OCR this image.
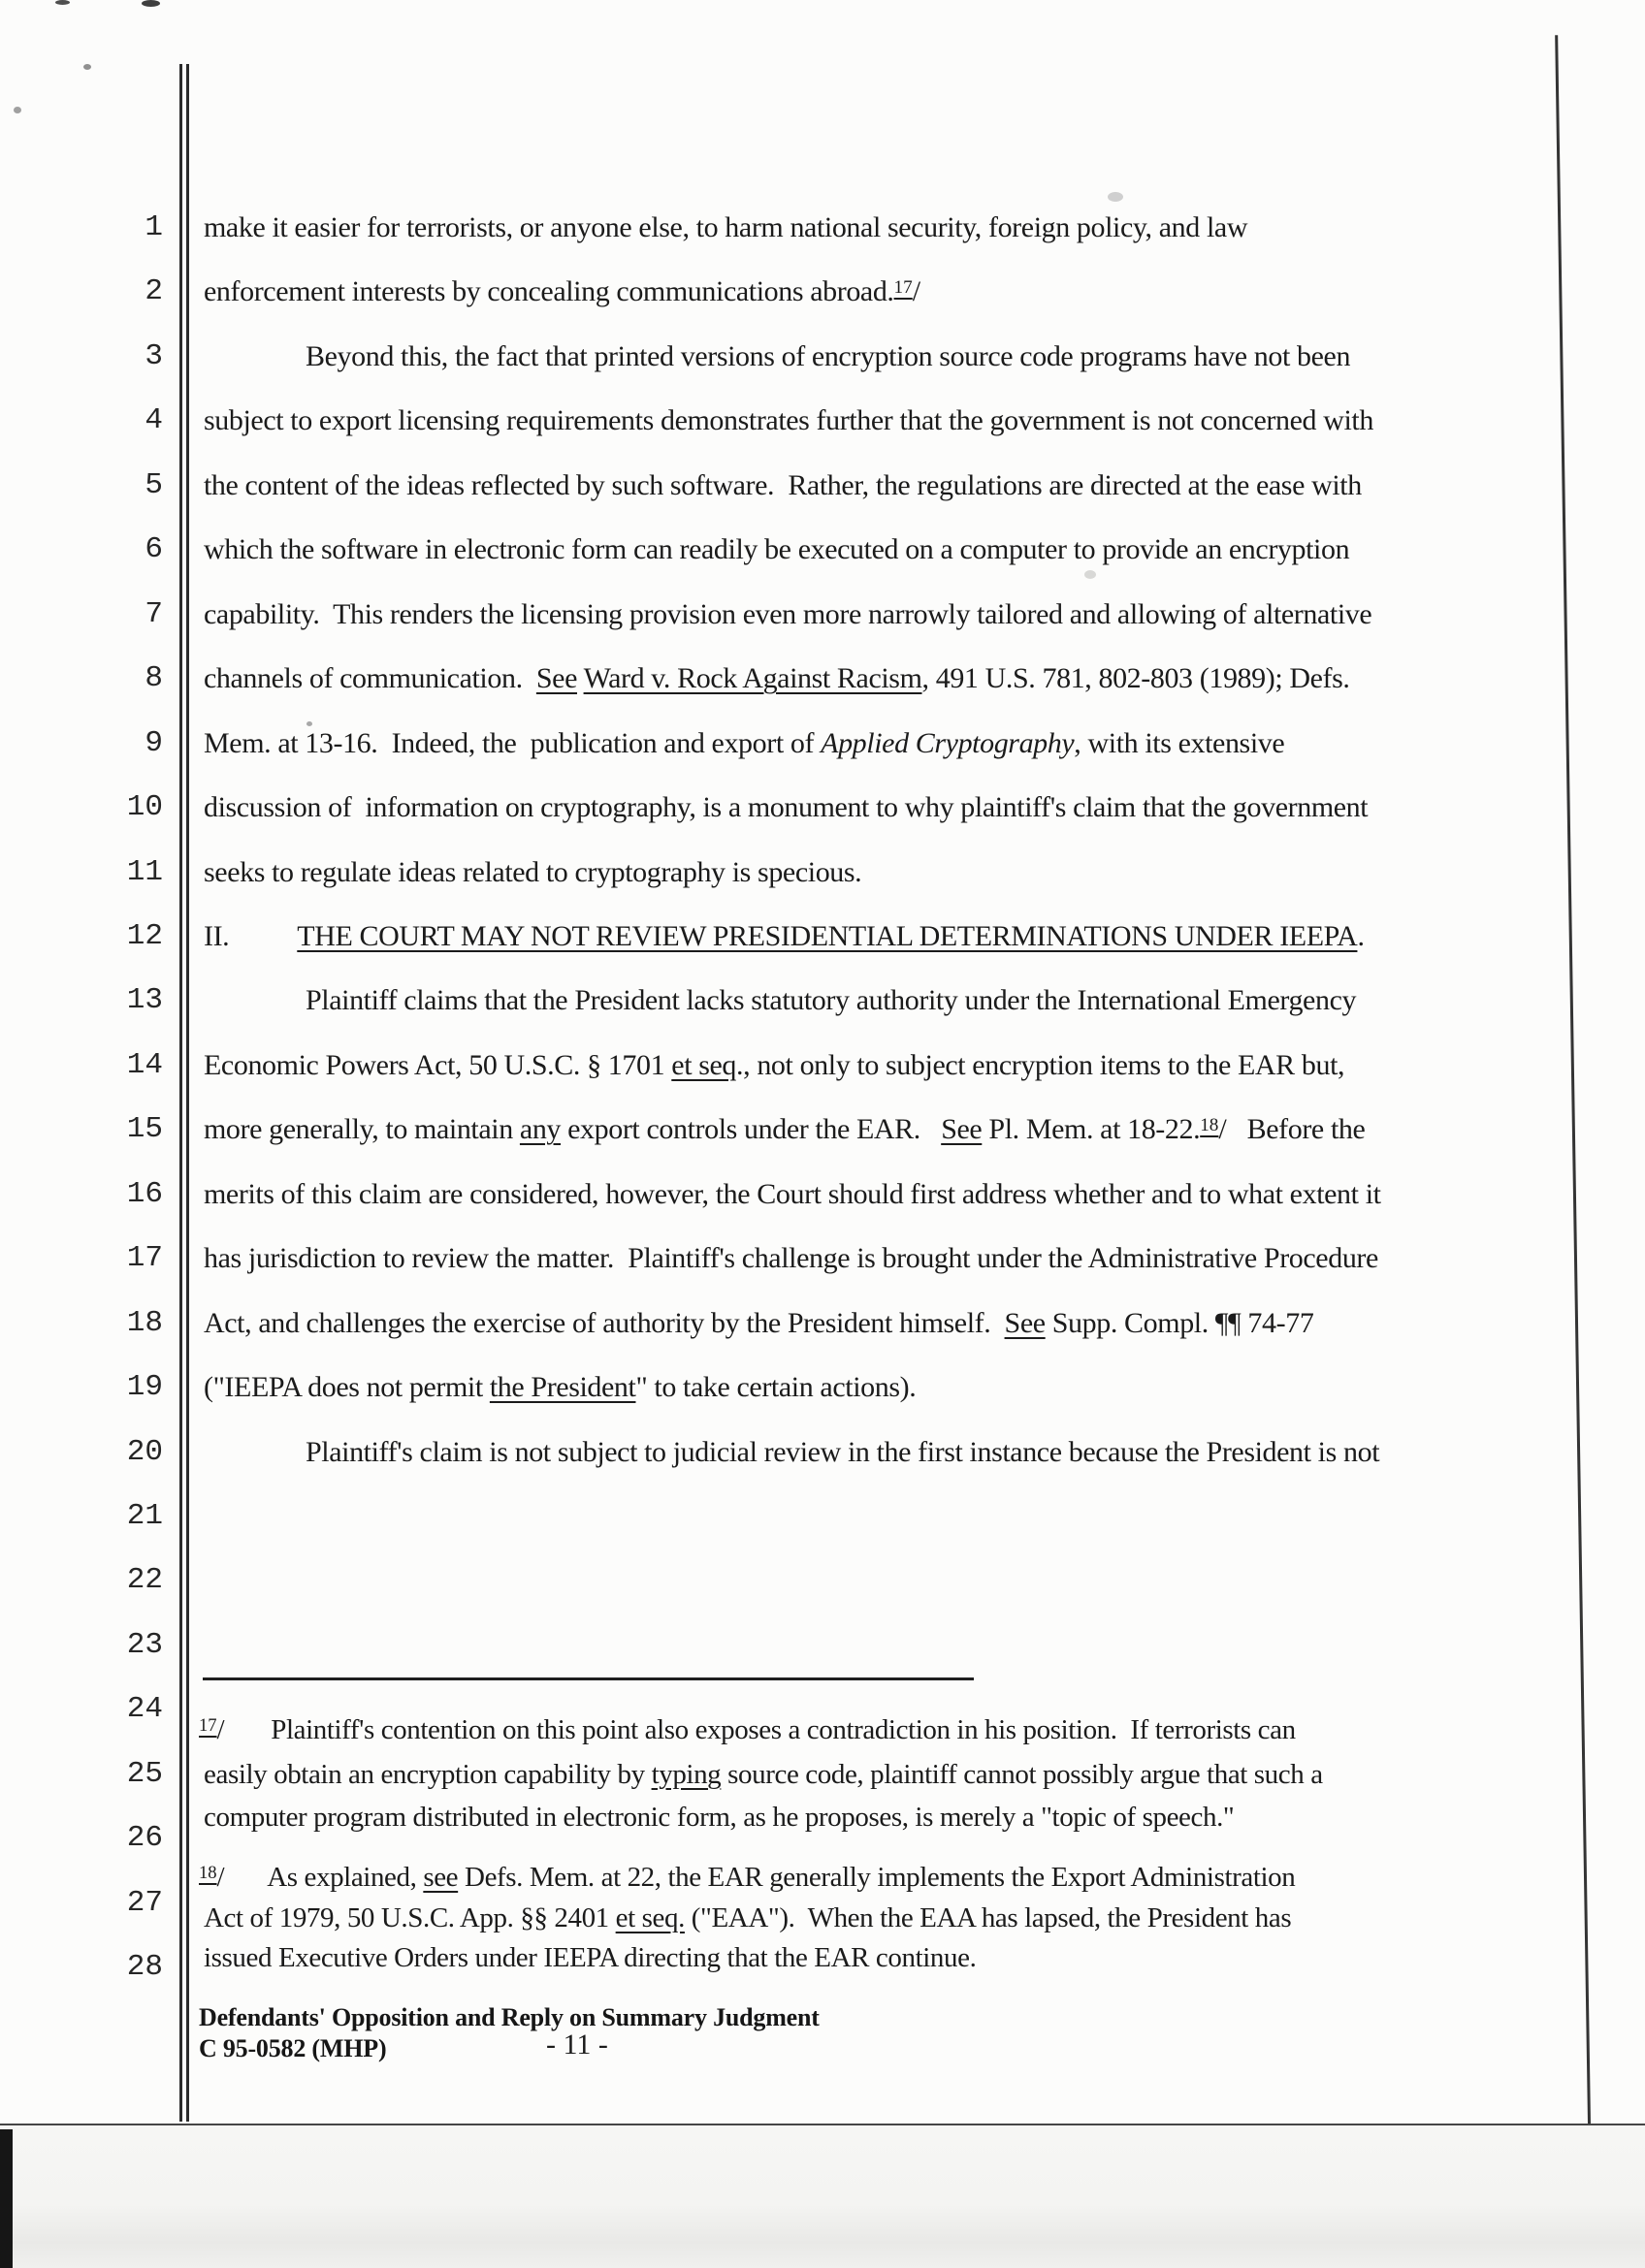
1
2
3
4
5
6
7
8
9
10
11
12
13
14
15
16
17
18
19
20
21
22
23
24
25
26
27
28
make it easier for terrorists, or anyone else, to harm national security, foreign policy, and law
enforcement interests by concealing communications abroad.$^{17}$/
Beyond this, the fact that printed versions of encryption source code programs have not been
subject to export licensing requirements demonstrates further that the government is not concerned with
the content of the ideas reflected by such software.  Rather, the regulations are directed at the ease with
which the software in electronic form can readily be executed on a computer to provide an encryption
capability.  This renders the licensing provision even more narrowly tailored and allowing of alternative
channels of communication.  See Ward v. Rock Against Racism, 491 U.S. 781, 802-803 (1989); Defs.
Mem. at 13-16.  Indeed, the  publication and export of Applied Cryptography, with its extensive
discussion of  information on cryptography, is a monument to why plaintiff's claim that the government
seeks to regulate ideas related to cryptography is specious.
II. THE COURT MAY NOT REVIEW PRESIDENTIAL DETERMINATIONS UNDER IEEPA.
Plaintiff claims that the President lacks statutory authority under the International Emergency
Economic Powers Act, 50 U.S.C. § 1701 et seq., not only to subject encryption items to the EAR but,
more generally, to maintain any export controls under the EAR.   See Pl. Mem. at 18-22.18/   Before the
merits of this claim are considered, however, the Court should first address whether and to what extent it
has jurisdiction to review the matter.  Plaintiff's challenge is brought under the Administrative Procedure
Act, and challenges the exercise of authority by the President himself.  See Supp. Compl. ¶¶ 74-77
("IEEPA does not permit the President" to take certain actions).
Plaintiff's claim is not subject to judicial review in the first instance because the President is not
$^{17}$/ Plaintiff's contention on this point also exposes a contradiction in his position.  If terrorists can
easily obtain an encryption capability by typing source code, plaintiff cannot possibly argue that such a
computer program distributed in electronic form, as he proposes, is merely a "topic of speech."
$^{18}$/ As explained, see Defs. Mem. at 22, the EAR generally implements the Export Administration
Act of 1979, 50 U.S.C. App. §§ 2401 et seq. ("EAA").  When the EAA has lapsed, the President has
issued Executive Orders under IEEPA directing that the EAR continue.
Defendants' Opposition and Reply on Summary Judgment
C 95-0582 (MHP)	- 11 -
